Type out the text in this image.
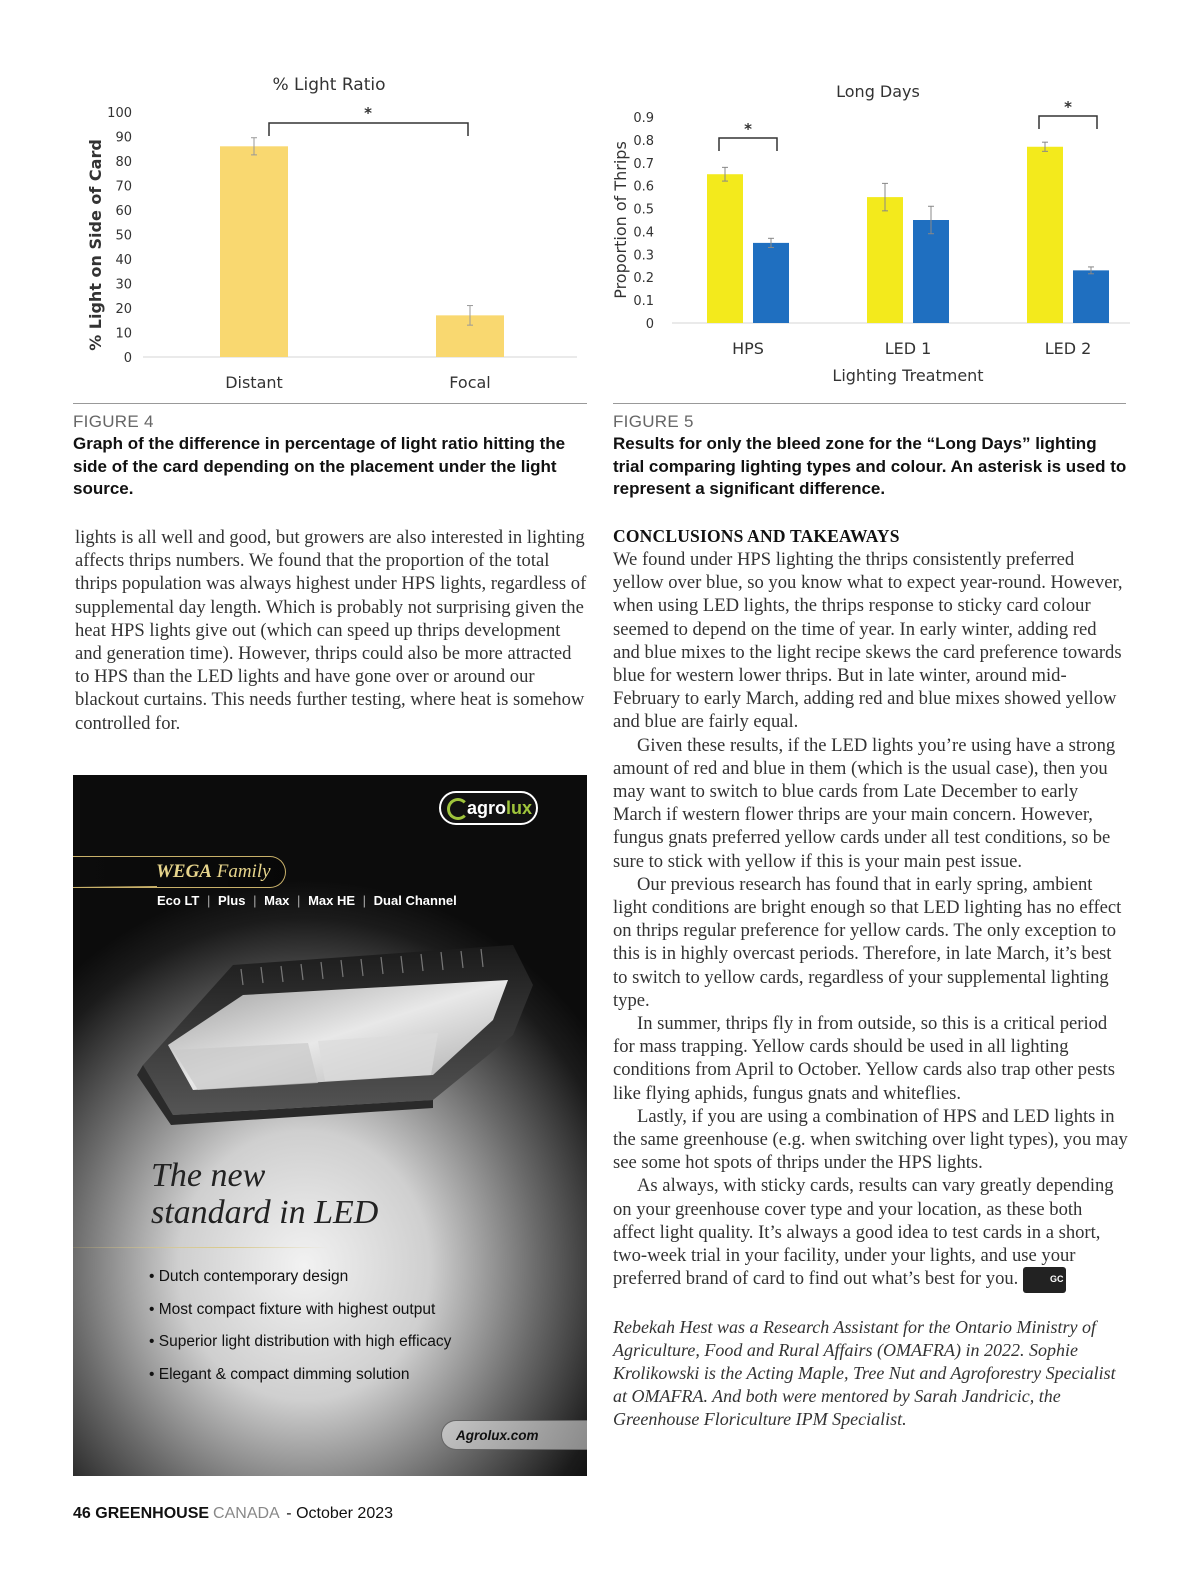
% Light Ratio
% Light on Side of Card
0
10
20
30
40
50
60
70
80
90
100	*
Distant	Focal
Long Days
Proportion of Thrips
Lighting Treatment
0
0.1
0.2
0.3
0.4
0.5
0.6
0.7
0.8
0.9
*
*
HPS	LED 1	LED 2
FIGURE 4
Graph of the difference in percentage of light ratio hitting the side of the card depending on the placement under the light source.
FIGURE 5
Results for only the bleed zone for the “Long Days” lighting trial comparing lighting types and colour. An asterisk is used to represent a significant difference.

lights is all well and good, but growers are also interested in lighting affects thrips numbers. We found that the proportion of the total thrips population was always highest under HPS lights, regardless of supplemental day length. Which is probably not surprising given the heat HPS lights give out (which can speed up thrips development and generation time). However, thrips could also be more attracted to HPS than the LED lights and have gone over or around our blackout curtains. This needs further testing, where heat is somehow controlled for.

CONCLUSIONS AND TAKEAWAYS

We found under HPS lighting the thrips consistently preferred yellow over blue, so you know what to expect year-round. However, when using LED lights, the thrips response to sticky card colour seemed to depend on the time of year. In early winter, adding red and blue mixes to the light recipe skews the card preference towards blue for western lower thrips. But in late winter, around mid-February to early March, adding red and blue mixes showed yellow and blue are fairly equal.

Given these results, if the LED lights you’re using have a strong amount of red and blue in them (which is the usual case), then you may want to switch to blue cards from Late December to early March if western flower thrips are your main concern. However, fungus gnats preferred yellow cards under all test conditions, so be sure to stick with yellow if this is your main pest issue.

Our previous research has found that in early spring, ambient light conditions are bright enough so that LED lighting has no effect on thrips regular preference for yellow cards. The only exception to this is in highly overcast periods. Therefore, in late March, it’s best to switch to yellow cards, regardless of your supplemental lighting type.

In summer, thrips fly in from outside, so this is a critical period for mass trapping. Yellow cards should be used in all lighting conditions from April to October. Yellow cards also trap other pests like flying aphids, fungus gnats and whiteflies.

Lastly, if you are using a combination of HPS and LED lights in the same greenhouse (e.g. when switching over light types), you may see some hot spots of thrips under the HPS lights.

As always, with sticky cards, results can vary greatly depending on your greenhouse cover type and your location, as these both affect light quality. It’s always a good idea to test cards in a short, two-week trial in your facility, under your lights, and use your preferred brand of card to find out what’s best for you.	GC

Rebekah Hest was a Research Assistant for the Ontario Ministry of Agriculture, Food and Rural Affairs (OMAFRA) in 2022. Sophie Krolikowski is the Acting Maple, Tree Nut and Agroforestry Specialist at OMAFRA. And both were mentored by Sarah Jandricic, the Greenhouse Floriculture IPM Specialist.
agrolux
WEGA Family
Eco LT | Plus | Max | Max HE | Dual Channel
The new
standard in LED
• Dutch contemporary design
• Most compact fixture with highest output
• Superior light distribution with high efficacy
• Elegant & compact dimming solution
Agrolux.com
46 GREENHOUSE CANADA - October 2023
